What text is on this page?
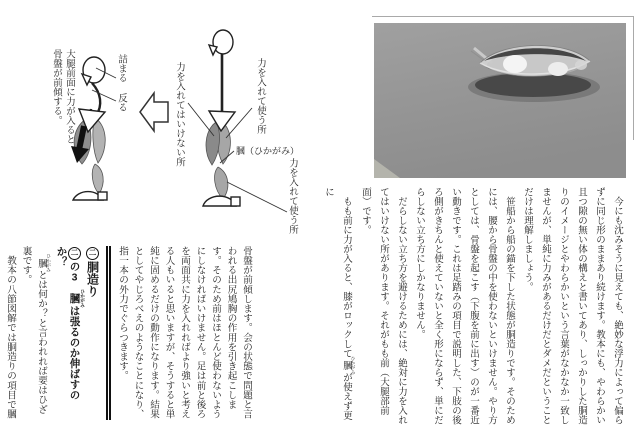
大腿前面に力が入ると骨盤が前傾する。	詰まる
反る	力を入れてはいけない所	力を入れて使う所
膕（ひかがみ）
力を入れて使う所

骨盤が前傾します。会の状態で問題と言われる出尻鳩胸の作用を引き起こします。そのため前はほとんど使わないようにしなければいけません。足は前と後ろを両面共に力を入れればより強いと考える人もいると思いますが、そうすると単純に固めるだけの動作になります。結果としてやじろべえのようなことになり、指一本の外力でぐらつきます。

二胴造り
二の3膕 ひかがみは張るのか伸ばすのか？

　膕 ひかがみとは何か？と言われれば要はひざ裏です。

　教本の八節図解では胴造りの項目で膕	　今にも沈みそうに見えても、絶妙な浮力によって偏らずに同じ形のままあり続けます。教本にも、やわらかい且つ隙の無い体の構えと書いてあり、しっかりした胴造りのイメージとやわらかいという言葉がなかなか一致しませんが、単純に力みがあるだけだとダメだということだけは理解しましょう。

　笹船から船の錨を下した状態が胴造りです。そのためには、腰から骨盤の中を使わないといけません。やり方としては、骨盤を起こす（下腹を前に出す）のが一番近い動きです。これは足踏みの項目で説明した、下肢の後ろ側がきちんと使えていないと全く形にならず、単にだらしない立ち方にしかなりません。

　だらしない立ち方を避けるためには、絶対に力を入れてはいけない所があります。それがもも前（大腿部前面）です。

　もも前に力が入ると、膝がロックして膕 ひかがみが使えず更に
